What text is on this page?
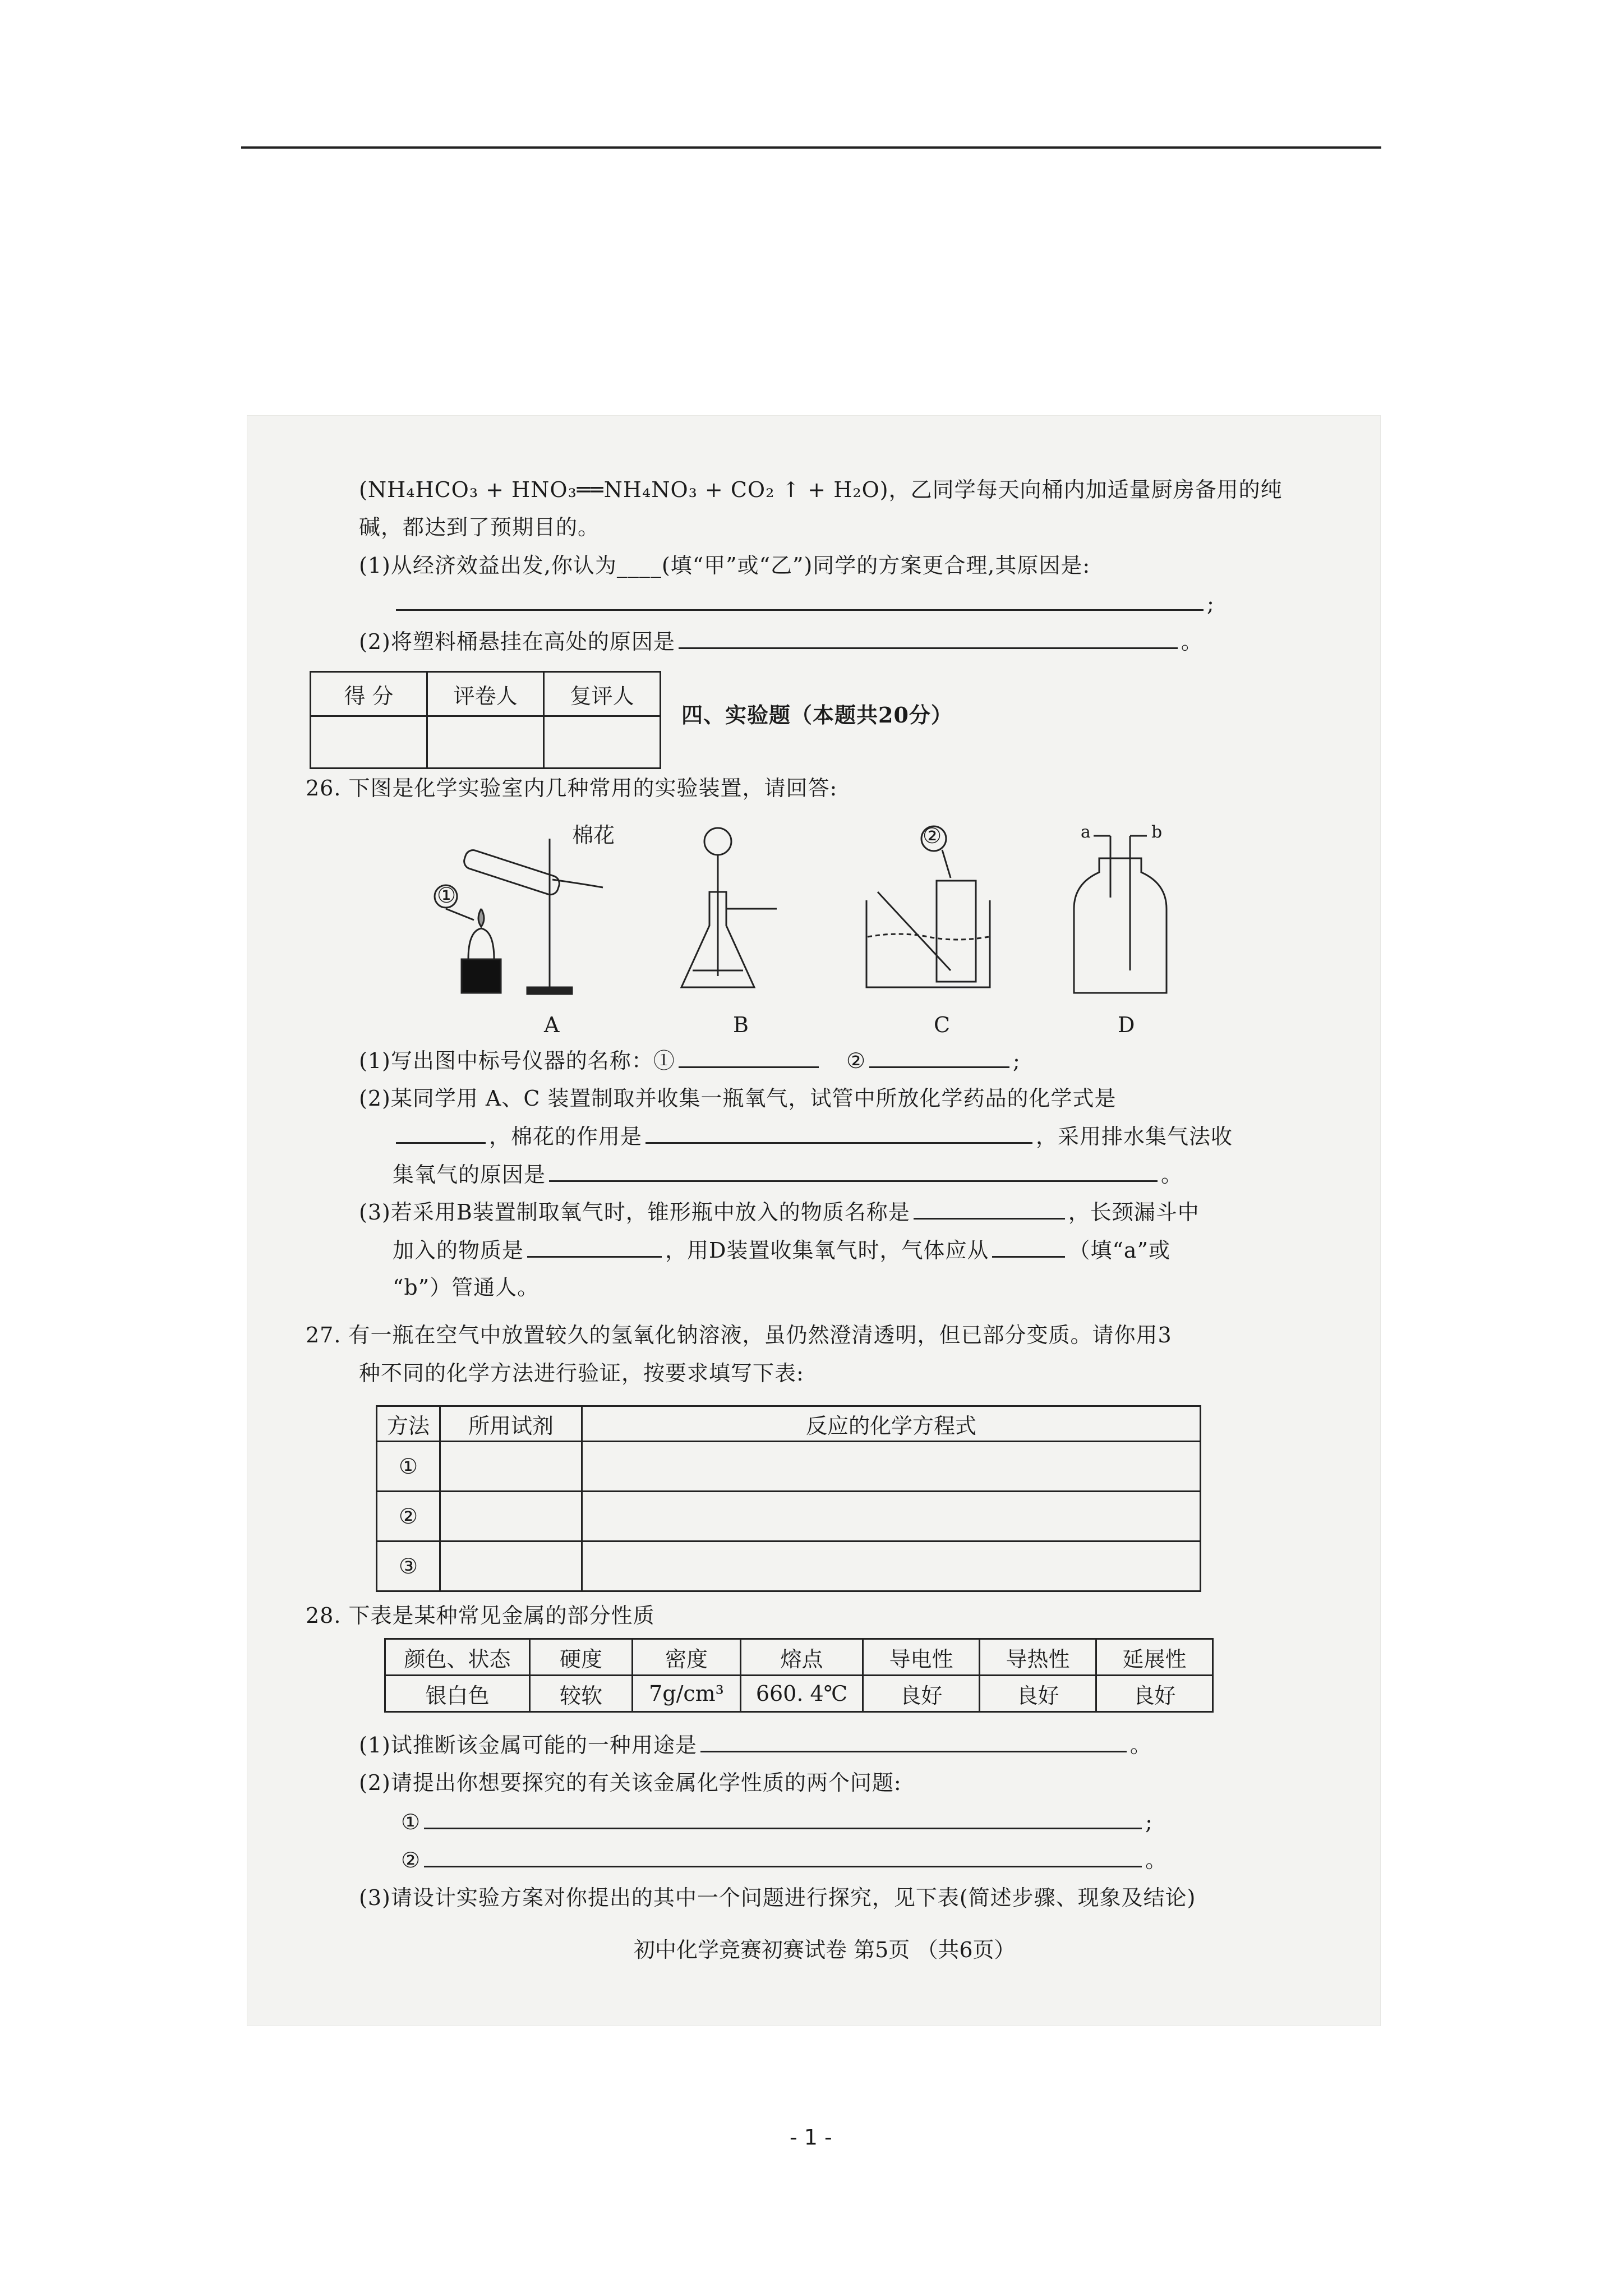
(NH₄HCO₃ + HNO₃══NH₄NO₃ + CO₂ ↑ + H₂O)，乙同学每天向桶内加适量厨房备用的纯
碱，都达到了预期目的。
(1)从经济效益出发,你认为____(填“甲”或“乙”)同学的方案更合理,其原因是:
;
(2)将塑料桶悬挂在高处的原因是	。
得 分	评卷人	复评人

四、实验题（本题共20分）
26. 下图是化学实验室内几种常用的实验装置，请回答:
棉花
①
②	a	b
A	B	C	D
(1)写出图中标号仪器的名称：①	②	;
(2)某同学用 A、C 装置制取并收集一瓶氧气，试管中所放化学药品的化学式是
，棉花的作用是	，采用排水集气法收
集氧气的原因是	。
(3)若采用B装置制取氧气时，锥形瓶中放入的物质名称是	，长颈漏斗中
加入的物质是	，用D装置收集氧气时，气体应从	（填“a”或
“b”）管通人。
27. 有一瓶在空气中放置较久的氢氧化钠溶液，虽仍然澄清透明，但已部分变质。请你用3
种不同的化学方法进行验证，按要求填写下表:
方法	所用试剂	反应的化学方程式
①		
②		
③		
28. 下表是某种常见金属的部分性质
颜色、状态	硬度	密度	熔点	导电性	导热性	延展性
银白色	较软	7g/cm³	660. 4℃	良好	良好	良好
(1)试推断该金属可能的一种用途是	。
(2)请提出你想要探究的有关该金属化学性质的两个问题:
①	;
②	。
(3)请设计实验方案对你提出的其中一个问题进行探究，见下表(简述步骤、现象及结论)
初中化学竞赛初赛试卷 第5页 （共6页）
- 1 -
